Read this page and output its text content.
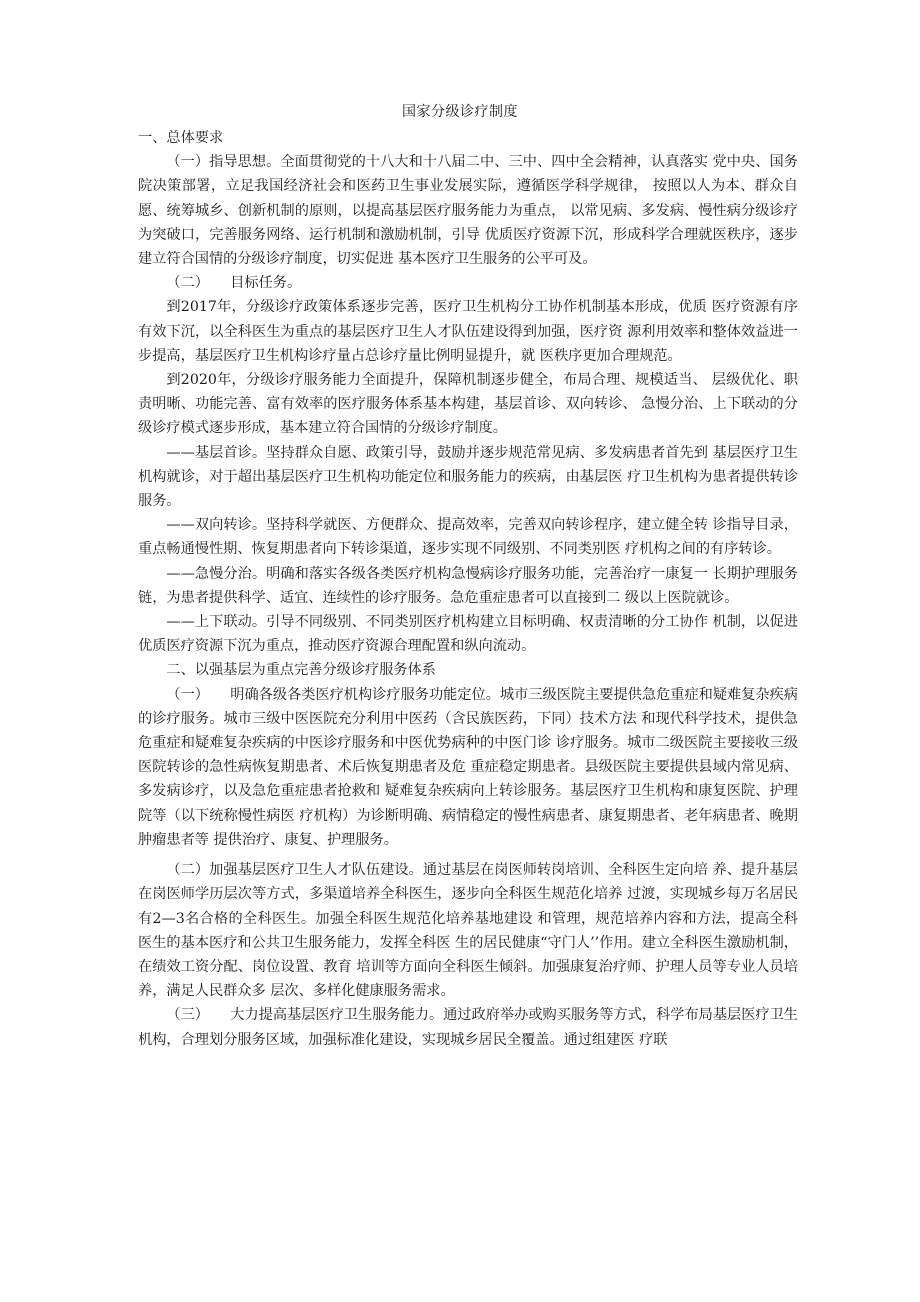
国家分级诊疗制度

一、总体要求

（一）指导思想。全面贯彻党的十八大和十八届二中、三中、四中全会精神，认真落实 党中央、国务院决策部署，立足我国经济社会和医药卫生事业发展实际，遵循医学科学规律， 按照以人为本、群众自愿、统筹城乡、创新机制的原则，以提高基层医疗服务能力为重点， 以常见病、多发病、慢性病分级诊疗为突破口，完善服务网络、运行机制和激励机制，引导 优质医疗资源下沉，形成科学合理就医秩序，逐步建立符合国情的分级诊疗制度，切实促进 基本医疗卫生服务的公平可及。

（二）　　目标任务。

到2017年，分级诊疗政策体系逐步完善，医疗卫生机构分工协作机制基本形成，优质 医疗资源有序有效下沉，以全科医生为重点的基层医疗卫生人才队伍建设得到加强，医疗资 源利用效率和整体效益进一步提高，基层医疗卫生机构诊疗量占总诊疗量比例明显提升，就 医秩序更加合理规范。

到2020年，分级诊疗服务能力全面提升，保障机制逐步健全，布局合理、规模适当、 层级优化、职责明晰、功能完善、富有效率的医疗服务体系基本构建，基层首诊、双向转诊、 急慢分治、上下联动的分级诊疗模式逐步形成，基本建立符合国情的分级诊疗制度。

——基层首诊。坚持群众自愿、政策引导，鼓励并逐步规范常见病、多发病患者首先到 基层医疗卫生机构就诊，对于超出基层医疗卫生机构功能定位和服务能力的疾病，由基层医 疗卫生机构为患者提供转诊服务。

——双向转诊。坚持科学就医、方便群众、提高效率，完善双向转诊程序，建立健全转 诊指导目录，重点畅通慢性期、恢复期患者向下转诊渠道，逐步实现不同级别、不同类别医 疗机构之间的有序转诊。

——急慢分治。明确和落实各级各类医疗机构急慢病诊疗服务功能，完善治疗一康复一 长期护理服务链，为患者提供科学、适宜、连续性的诊疗服务。急危重症患者可以直接到二 级以上医院就诊。

——上下联动。引导不同级别、不同类别医疗机构建立目标明确、权责清晰的分工协作 机制，以促进优质医疗资源下沉为重点，推动医疗资源合理配置和纵向流动。

二、以强基层为重点完善分级诊疗服务体系

（一）　　明确各级各类医疗机构诊疗服务功能定位。城市三级医院主要提供急危重症和疑难复杂疾病的诊疗服务。城市三级中医医院充分利用中医药（含民族医药，下同）技术方法 和现代科学技术，提供急危重症和疑难复杂疾病的中医诊疗服务和中医优势病种的中医门诊 诊疗服务。城市二级医院主要接收三级医院转诊的急性病恢复期患者、术后恢复期患者及危 重症稳定期患者。县级医院主要提供县域内常见病、多发病诊疗，以及急危重症患者抢救和 疑难复杂疾病向上转诊服务。基层医疗卫生机构和康复医院、护理院等（以下统称慢性病医 疗机构）为诊断明确、病情稳定的慢性病患者、康复期患者、老年病患者、晚期肿瘤患者等 提供治疗、康复、护理服务。

（二）加强基层医疗卫生人才队伍建设。通过基层在岗医师转岗培训、全科医生定向培 养、提升基层在岗医师学历层次等方式，多渠道培养全科医生，逐步向全科医生规范化培养 过渡，实现城乡每万名居民有2—3名合格的全科医生。加强全科医生规范化培养基地建设 和管理，规范培养内容和方法，提高全科医生的基本医疗和公共卫生服务能力，发挥全科医 生的居民健康“守门人’’作用。建立全科医生激励机制，在绩效工资分配、岗位设置、教育 培训等方面向全科医生倾斜。加强康复治疗师、护理人员等专业人员培养，满足人民群众多 层次、多样化健康服务需求。

（三）　　大力提高基层医疗卫生服务能力。通过政府举办或购买服务等方式，科学布局基层医疗卫生机构，合理划分服务区域，加强标准化建设，实现城乡居民全覆盖。通过组建医 疗联
